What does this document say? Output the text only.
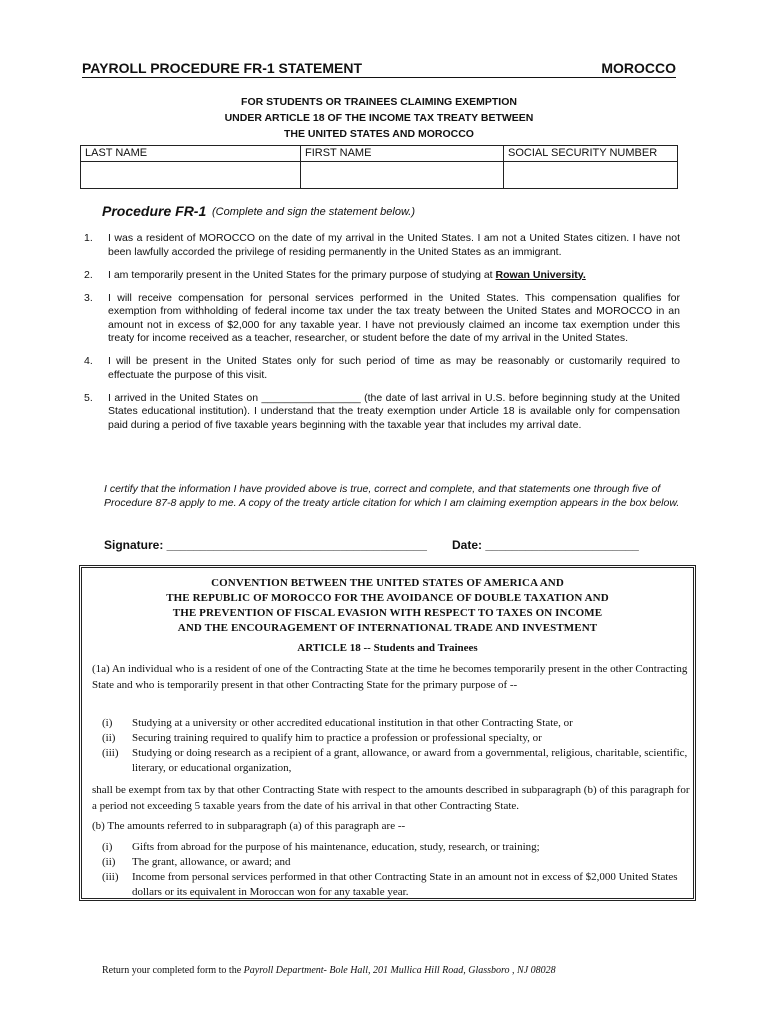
PAYROLL PROCEDURE FR-1 STATEMENT	MOROCCO
FOR STUDENTS OR TRAINEES CLAIMING EXEMPTION
UNDER ARTICLE 18 OF THE INCOME TAX TREATY BETWEEN
THE UNITED STATES AND MOROCCO
LAST NAME	FIRST NAME	SOCIAL SECURITY NUMBER
Procedure FR-1 (Complete and sign the statement below.)
1. I was a resident of MOROCCO on the date of my arrival in the United States. I am not a United States citizen. I have not been lawfully accorded the privilege of residing permanently in the United States as an immigrant.
2. I am temporarily present in the United States for the primary purpose of studying at Rowan University.
3. I will receive compensation for personal services performed in the United States. This compensation qualifies for exemption from withholding of federal income tax under the tax treaty between the United States and MOROCCO in an amount not in excess of $2,000 for any taxable year. I have not previously claimed an income tax exemption under this treaty for income received as a teacher, researcher, or student before the date of my arrival in the United States.
4. I will be present in the United States only for such period of time as may be reasonably or customarily required to effectuate the purpose of this visit.
5. I arrived in the United States on _________________ (the date of last arrival in U.S. before beginning study at the United States educational institution). I understand that the treaty exemption under Article 18 is available only for compensation paid during a period of five taxable years beginning with the taxable year that includes my arrival date.
I certify that the information I have provided above is true, correct and complete, and that statements one through five of Procedure 87-8 apply to me. A copy of the treaty article citation for which I am claiming exemption appears in the box below.
Signature: _______________________________________ Date: _______________________
CONVENTION BETWEEN THE UNITED STATES OF AMERICA AND
THE REPUBLIC OF MOROCCO FOR THE AVOIDANCE OF DOUBLE TAXATION AND
THE PREVENTION OF FISCAL EVASION WITH RESPECT TO TAXES ON INCOME
AND THE ENCOURAGEMENT OF INTERNATIONAL TRADE AND INVESTMENT
ARTICLE 18 -- Students and Trainees
(1a) An individual who is a resident of one of the Contracting State at the time he becomes temporarily present in the other Contracting State and who is temporarily present in that other Contracting State for the primary purpose of --
(i) Studying at a university or other accredited educational institution in that other Contracting State, or
(ii) Securing training required to qualify him to practice a profession or professional specialty, or
(iii) Studying or doing research as a recipient of a grant, allowance, or award from a governmental, religious, charitable, scientific, literary, or educational organization,
shall be exempt from tax by that other Contracting State with respect to the amounts described in subparagraph (b) of this paragraph for a period not exceeding 5 taxable years from the date of his arrival in that other Contracting State.
(b) The amounts referred to in subparagraph (a) of this paragraph are --
(i) Gifts from abroad for the purpose of his maintenance, education, study, research, or training;
(ii) The grant, allowance, or award; and
(iii) Income from personal services performed in that other Contracting State in an amount not in excess of $2,000 United States dollars or its equivalent in Moroccan won for any taxable year.
Return your completed form to the Payroll Department- Bole Hall, 201 Mullica Hill Road, Glassboro , NJ 08028
